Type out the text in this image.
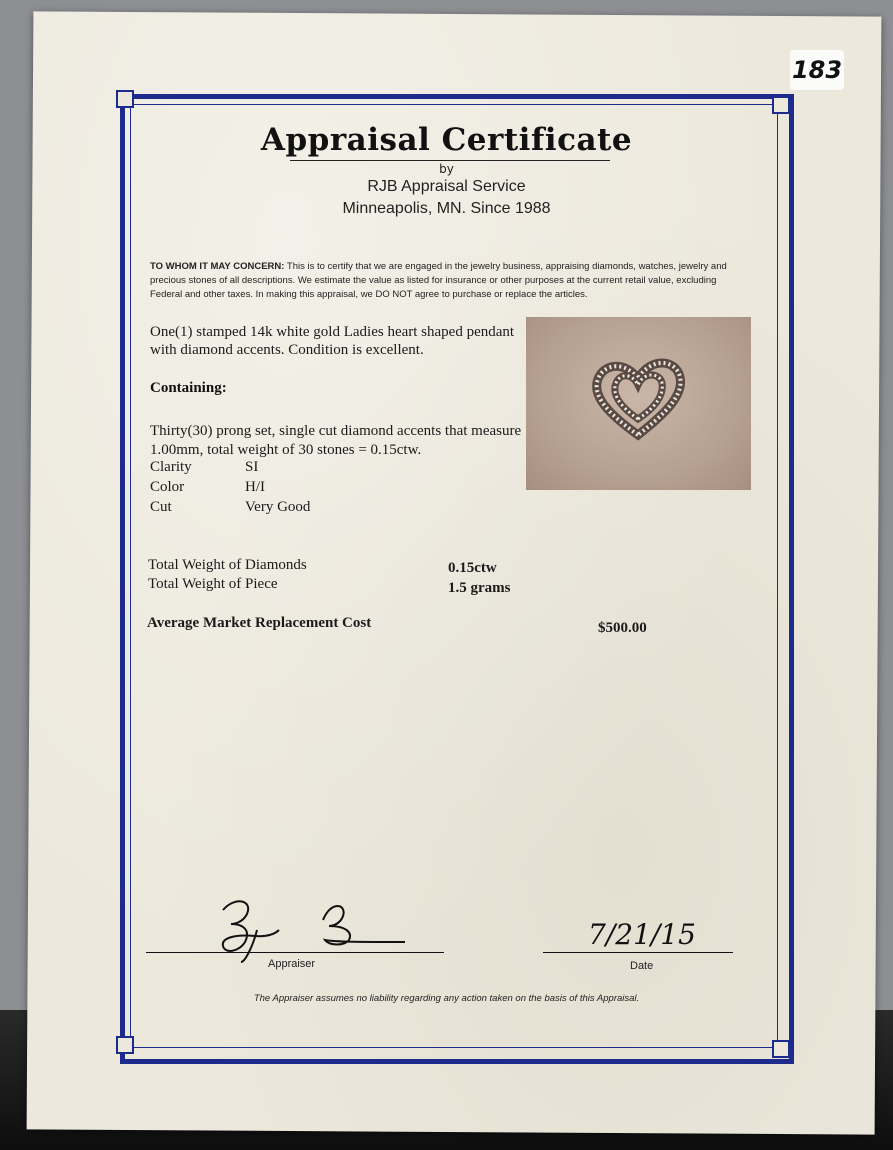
183
Appraisal Certificate
by
RJB Appraisal Service
Minneapolis, MN. Since 1988
TO WHOM IT MAY CONCERN: This is to certify that we are engaged in the jewelry business, appraising diamonds, watches, jewelry and precious stones of all descriptions. We estimate the value as listed for insurance or other purposes at the current retail value, excluding Federal and other taxes. In making this appraisal, we DO NOT agree to purchase or replace the articles.
One(1) stamped 14k white gold Ladies heart shaped pendant with diamond accents. Condition is excellent.
Containing:
Thirty(30) prong set, single cut diamond accents that measure 1.00mm, total weight of 30 stones = 0.15ctw.
Clarity	SI
Color	H/I
Cut	Very Good
Total Weight of Diamonds	0.15ctw
Total Weight of Piece	1.5 grams
Average Market Replacement Cost	$500.00
Appraiser
7/21/15
Date
The Appraiser assumes no liability regarding any action taken on the basis of this Appraisal.
